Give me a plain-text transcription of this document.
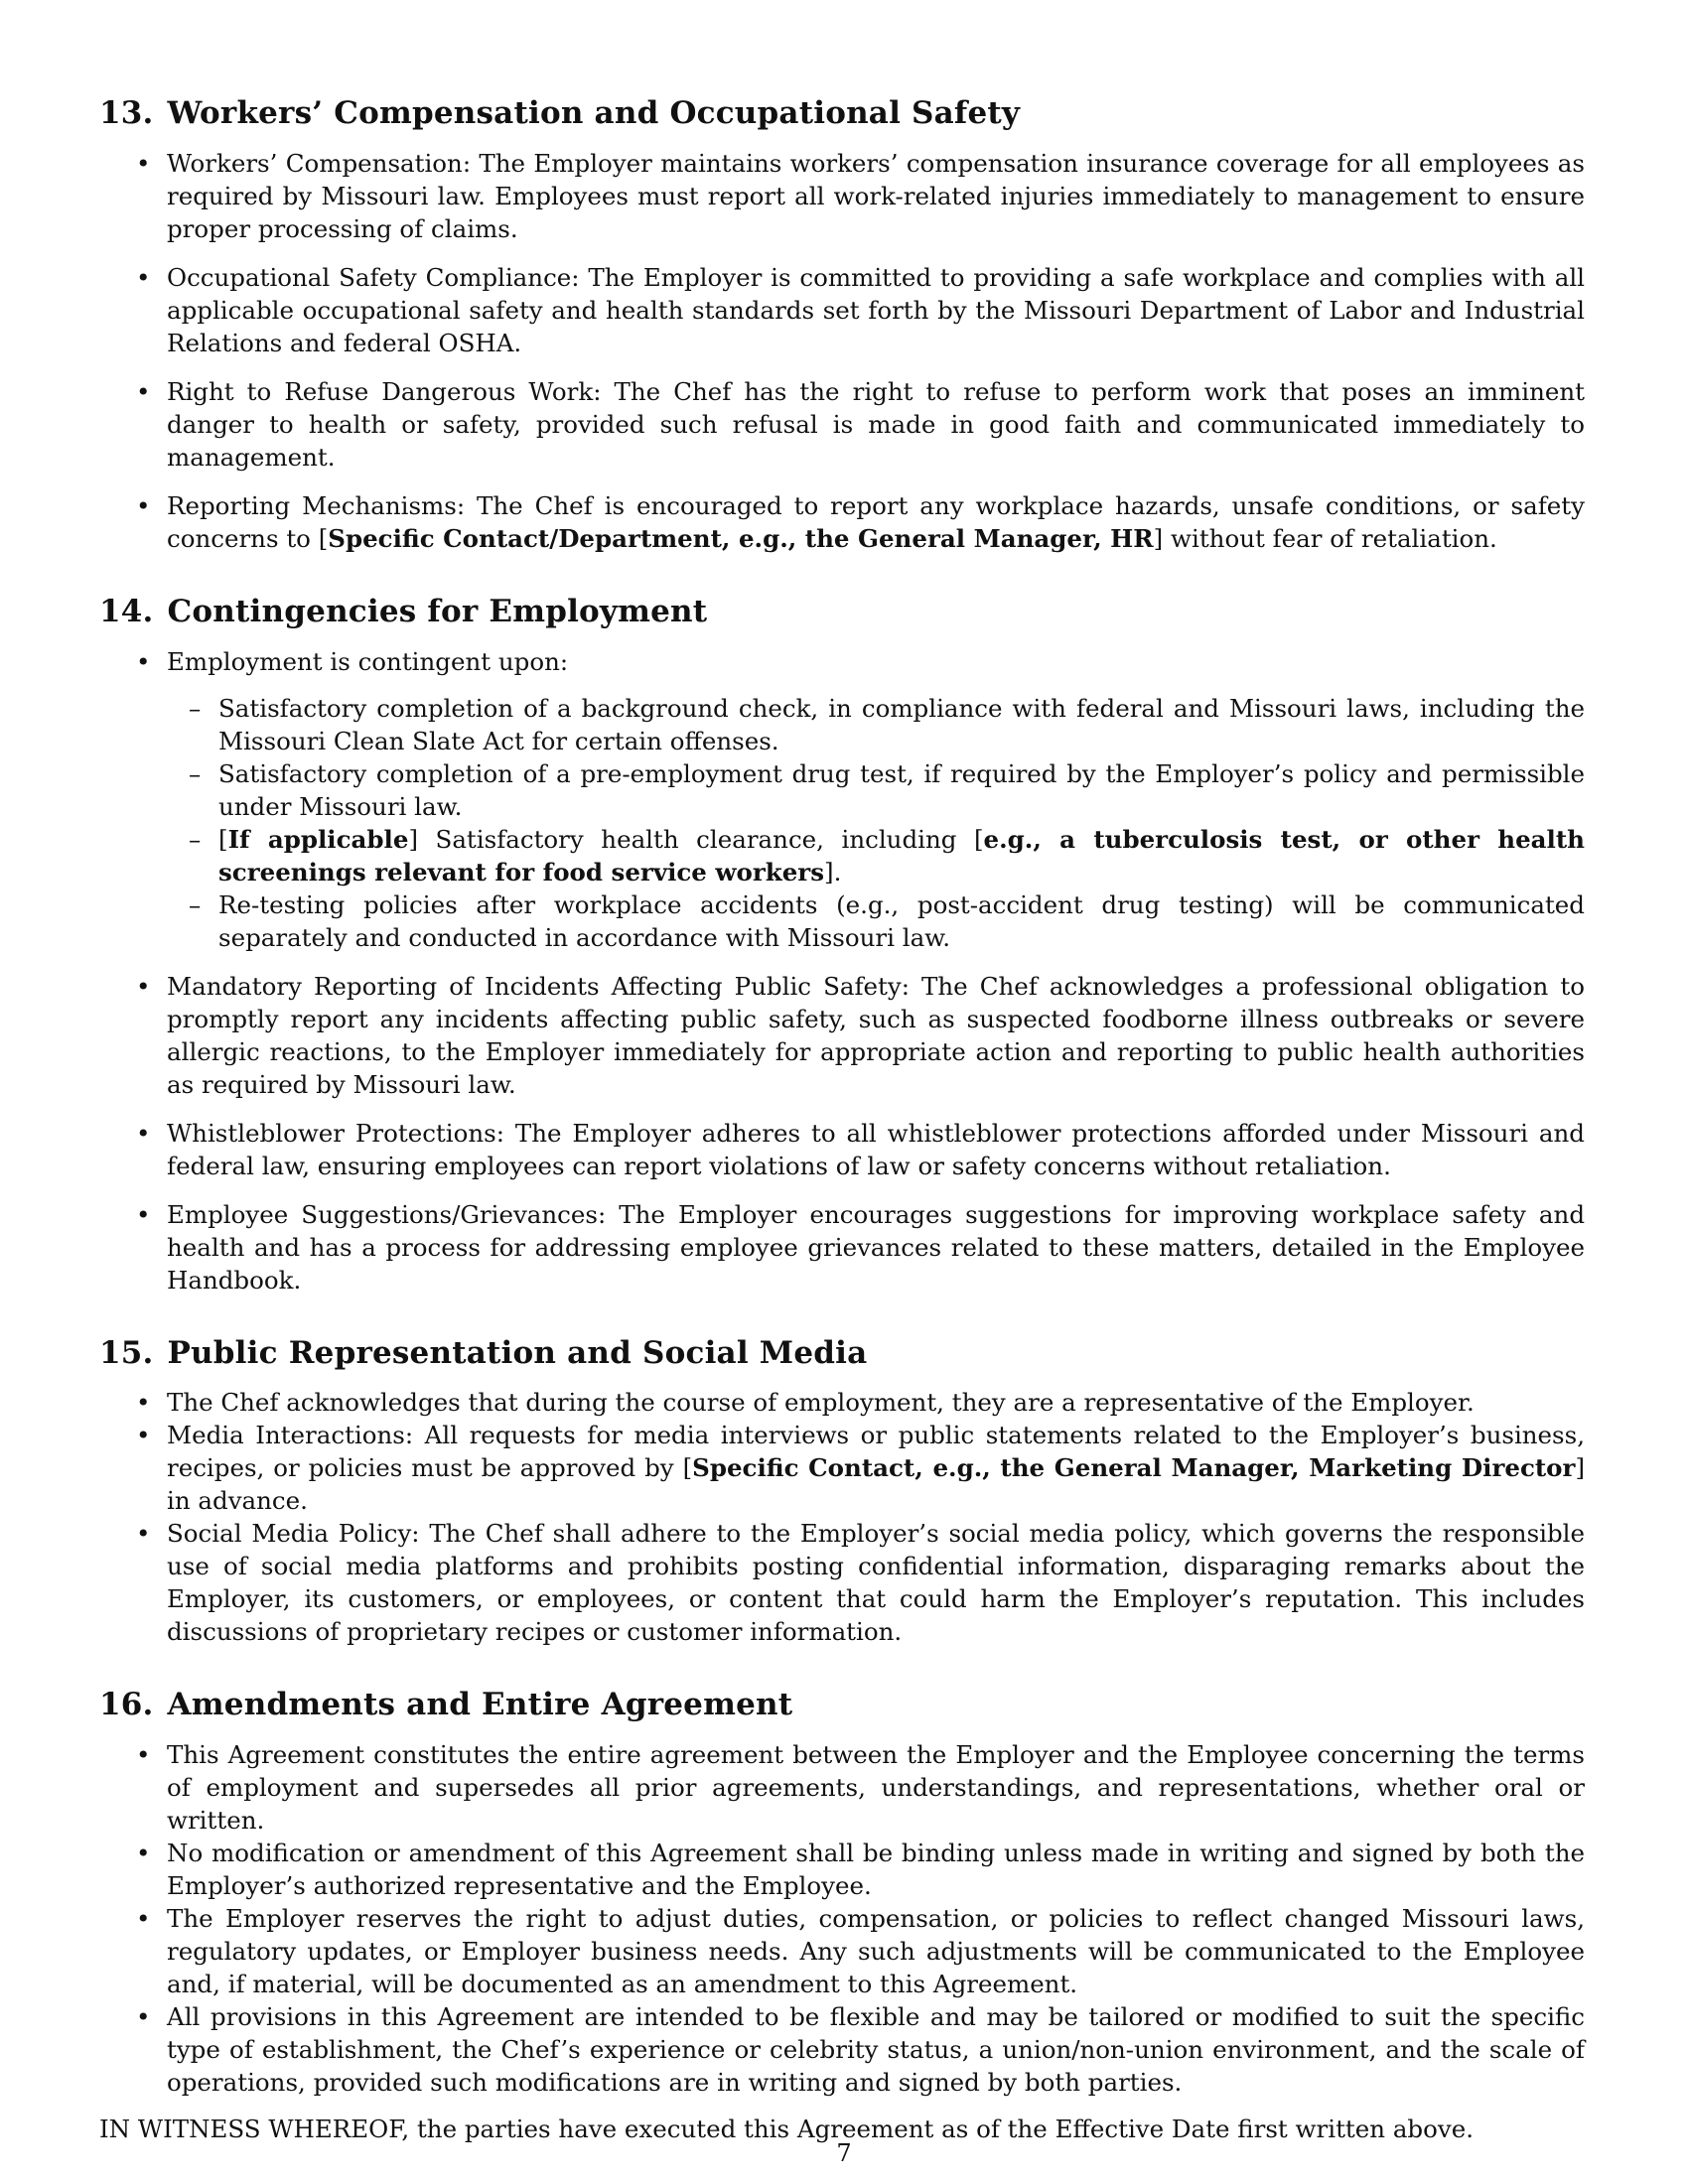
13. Workers’ Compensation and Occupational Safety
• Workers’ Compensation: The Employer maintains workers’ compensation insurance coverage for all employees as required by Missouri law. Employees must report all work-related injuries immediately to management to ensure proper processing of claims.
• Occupational Safety Compliance: The Employer is committed to providing a safe workplace and complies with all applicable occupational safety and health standards set forth by the Missouri Department of Labor and Industrial Relations and federal OSHA.
• Right to Refuse Dangerous Work: The Chef has the right to refuse to perform work that poses an imminent danger to health or safety, provided such refusal is made in good faith and communicated immediately to management.
• Reporting Mechanisms: The Chef is encouraged to report any workplace hazards, unsafe conditions, or safety concerns to [Specific Contact/Department, e.g., the General Manager, HR] without fear of retaliation.
14. Contingencies for Employment
• Employment is contingent upon:
– Satisfactory completion of a background check, in compliance with federal and Missouri laws, including the Missouri Clean Slate Act for certain offenses.
– Satisfactory completion of a pre-employment drug test, if required by the Employer’s policy and permissible under Missouri law.
– [If applicable] Satisfactory health clearance, including [e.g., a tuberculosis test, or other health screenings relevant for food service workers].
– Re-testing policies after workplace accidents (e.g., post-accident drug testing) will be communicated separately and conducted in accordance with Missouri law.
• Mandatory Reporting of Incidents Affecting Public Safety: The Chef acknowledges a professional obligation to promptly report any incidents affecting public safety, such as suspected foodborne illness outbreaks or severe allergic reactions, to the Employer immediately for appropriate action and reporting to public health authorities as required by Missouri law.
• Whistleblower Protections: The Employer adheres to all whistleblower protections afforded under Missouri and federal law, ensuring employees can report violations of law or safety concerns without retaliation.
• Employee Suggestions/Grievances: The Employer encourages suggestions for improving workplace safety and health and has a process for addressing employee grievances related to these matters, detailed in the Employee Handbook.
15. Public Representation and Social Media
• The Chef acknowledges that during the course of employment, they are a representative of the Employer.
• Media Interactions: All requests for media interviews or public statements related to the Employer’s business, recipes, or policies must be approved by [Specific Contact, e.g., the General Manager, Marketing Director] in advance.
• Social Media Policy: The Chef shall adhere to the Employer’s social media policy, which governs the responsible use of social media platforms and prohibits posting confidential information, disparaging remarks about the Employer, its customers, or employees, or content that could harm the Employer’s reputation. This includes discussions of proprietary recipes or customer information.
16. Amendments and Entire Agreement
• This Agreement constitutes the entire agreement between the Employer and the Employee concerning the terms of employment and supersedes all prior agreements, understandings, and representations, whether oral or written.
• No modification or amendment of this Agreement shall be binding unless made in writing and signed by both the Employer’s authorized representative and the Employee.
• The Employer reserves the right to adjust duties, compensation, or policies to reflect changed Missouri laws, regulatory updates, or Employer business needs. Any such adjustments will be communicated to the Employee and, if material, will be documented as an amendment to this Agreement.
• All provisions in this Agreement are intended to be flexible and may be tailored or modified to suit the specific type of establishment, the Chef’s experience or celebrity status, a union/non-union environment, and the scale of operations, provided such modifications are in writing and signed by both parties.

IN WITNESS WHEREOF, the parties have executed this Agreement as of the Effective Date first written above.

7
